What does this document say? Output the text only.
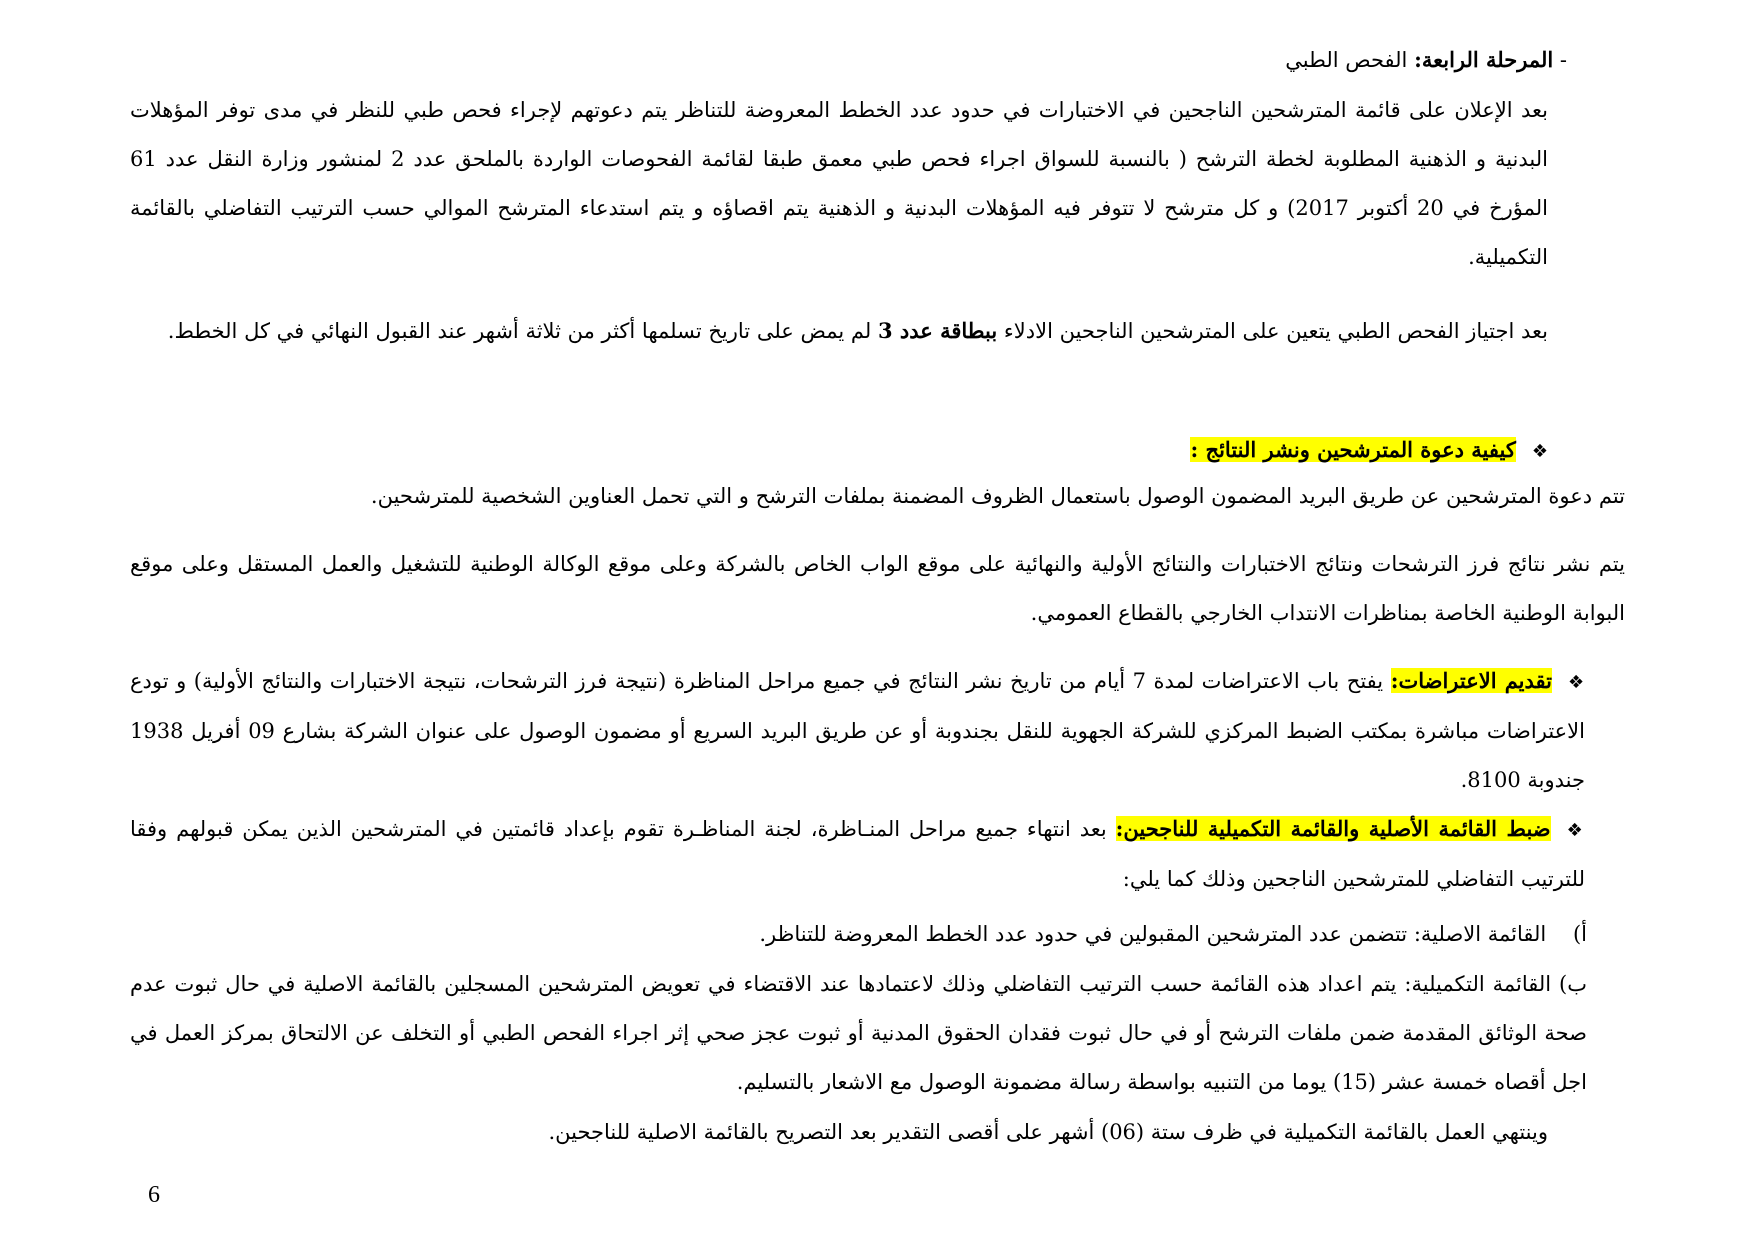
- المرحلة الرابعة: الفحص الطبي
بعد الإعلان على قائمة المترشحين الناجحين في الاختبارات في حدود عدد الخطط المعروضة للتناظر يتم دعوتهم لإجراء فحص طبي للنظر في مدى توفر المؤهلات البدنية و الذهنية المطلوبة لخطة الترشح ( بالنسبة للسواق اجراء فحص طبي معمق طبقا لقائمة الفحوصات الواردة بالملحق عدد 2 لمنشور وزارة النقل عدد 61 المؤرخ في 20 أكتوبر 2017) و كل مترشح لا تتوفر فيه المؤهلات البدنية و الذهنية يتم اقصاؤه و يتم استدعاء المترشح الموالي حسب الترتيب التفاضلي بالقائمة التكميلية.
بعد اجتياز الفحص الطبي يتعين على المترشحين الناجحين الادلاء ببطاقة عدد 3 لم يمض على تاريخ تسلمها أكثر من ثلاثة أشهر عند القبول النهائي في كل الخطط.
❖كيفية دعوة المترشحين ونشر النتائج :
تتم دعوة المترشحين عن طريق البريد المضمون الوصول باستعمال الظروف المضمنة بملفات الترشح و التي تحمل العناوين الشخصية للمترشحين.
يتم نشر نتائج فرز الترشحات ونتائج الاختبارات والنتائج الأولية والنهائية على موقع الواب الخاص بالشركة وعلى موقع الوكالة الوطنية للتشغيل والعمل المستقل وعلى موقع البوابة الوطنية الخاصة بمناظرات الانتداب الخارجي بالقطاع العمومي.
❖تقديم الاعتراضات: يفتح باب الاعتراضات لمدة 7 أيام من تاريخ نشر النتائج في جميع مراحل المناظرة (نتيجة فرز الترشحات، نتيجة الاختبارات والنتائج الأولية) و تودع الاعتراضات مباشرة بمكتب الضبط المركزي للشركة الجهوية للنقل بجندوبة أو عن طريق البريد السريع أو مضمون الوصول على عنوان الشركة بشارع 09 أفريل 1938 جندوبة 8100.
❖ضبط القائمة الأصلية والقائمة التكميلية للناجحين: بعد انتهاء جميع مراحل المنـاظرة، لجنة المناظـرة تقوم بإعداد قائمتين في المترشحين الذين يمكن قبولهم وفقا للترتيب التفاضلي للمترشحين الناجحين وذلك كما يلي:
أ)    القائمة الاصلية: تتضمن عدد المترشحين المقبولين في حدود عدد الخطط المعروضة للتناظر.
ب) القائمة التكميلية: يتم اعداد هذه القائمة حسب الترتيب التفاضلي وذلك لاعتمادها عند الاقتضاء في تعويض المترشحين المسجلين بالقائمة الاصلية في حال ثبوت عدم صحة الوثائق المقدمة ضمن ملفات الترشح أو في حال ثبوت فقدان الحقوق المدنية أو ثبوت عجز صحي إثر اجراء الفحص الطبي أو التخلف عن الالتحاق بمركز العمل في اجل أقصاه خمسة عشر (15) يوما من التنبيه بواسطة رسالة مضمونة الوصول مع الاشعار بالتسليم.
وينتهي العمل بالقائمة التكميلية في ظرف ستة (06) أشهر على أقصى التقدير بعد التصريح بالقائمة الاصلية للناجحين.
6
